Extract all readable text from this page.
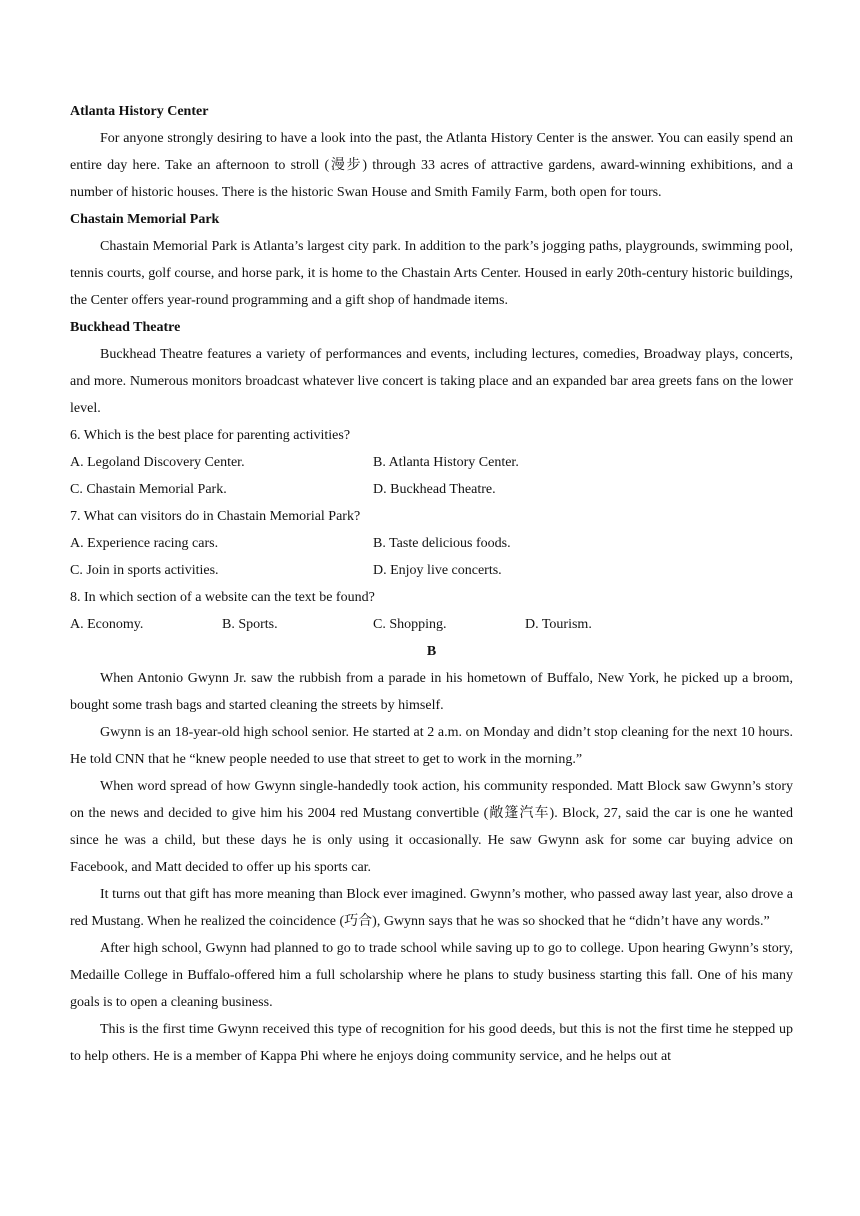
Atlanta History Center

For anyone strongly desiring to have a look into the past, the Atlanta History Center is the answer. You can easily spend an entire day here. Take an afternoon to stroll (漫步) through 33 acres of attractive gardens, award-winning exhibitions, and a number of historic houses. There is the historic Swan House and Smith Family Farm, both open for tours.

Chastain Memorial Park

Chastain Memorial Park is Atlanta’s largest city park. In addition to the park’s jogging paths, playgrounds, swimming pool, tennis courts, golf course, and horse park, it is home to the Chastain Arts Center. Housed in early 20th-century historic buildings, the Center offers year-round programming and a gift shop of handmade items.

Buckhead Theatre

Buckhead Theatre features a variety of performances and events, including lectures, comedies, Broadway plays, concerts, and more. Numerous monitors broadcast whatever live concert is taking place and an expanded bar area greets fans on the lower level.

6. Which is the best place for parenting activities?

A. Legoland Discovery Center.	B. Atlanta History Center.
C. Chastain Memorial Park.	D. Buckhead Theatre.

7. What can visitors do in Chastain Memorial Park?

A. Experience racing cars.	B. Taste delicious foods.
C. Join in sports activities.	D. Enjoy live concerts.

8. In which section of a website can the text be found?

A. Economy.	B. Sports.	C. Shopping.	D. Tourism.

B

When Antonio Gwynn Jr. saw the rubbish from a parade in his hometown of Buffalo, New York, he picked up a broom, bought some trash bags and started cleaning the streets by himself.

Gwynn is an 18-year-old high school senior. He started at 2 a.m. on Monday and didn’t stop cleaning for the next 10 hours. He told CNN that he “knew people needed to use that street to get to work in the morning.”

When word spread of how Gwynn single-handedly took action, his community responded. Matt Block saw Gwynn’s story on the news and decided to give him his 2004 red Mustang convertible (敞篷汽车). Block, 27, said the car is one he wanted since he was a child, but these days he is only using it occasionally. He saw Gwynn ask for some car buying advice on Facebook, and Matt decided to offer up his sports car.

It turns out that gift has more meaning than Block ever imagined. Gwynn’s mother, who passed away last year, also drove a red Mustang. When he realized the coincidence (巧合), Gwynn says that he was so shocked that he “didn’t have any words.”

After high school, Gwynn had planned to go to trade school while saving up to go to college. Upon hearing Gwynn’s story, Medaille College in Buffalo-offered him a full scholarship where he plans to study business starting this fall. One of his many goals is to open a cleaning business.

This is the first time Gwynn received this type of recognition for his good deeds, but this is not the first time he stepped up to help others. He is a member of Kappa Phi where he enjoys doing community service, and he helps out at
